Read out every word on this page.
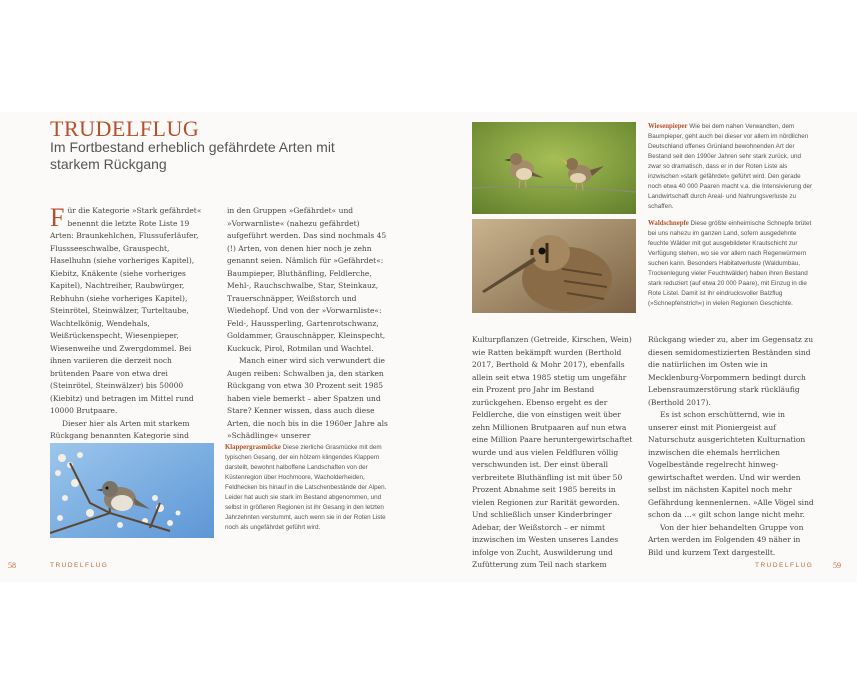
TRUDELFLUG
Im Fortbestand erheblich gefährdete Arten mit starkem Rückgang

Für die Kategorie »Stark gefährdet« benennt die letzte Rote Liste 19 Arten: Braunkehlchen, Flussuferläufer, Flussseeschwalbe, Grauspecht, Haselhuhn (siehe vorheriges Kapitel), Kiebitz, Knäkente (siehe vorheriges Kapitel), Nachtreiher, Raubwürger, Rebhuhn (siehe vorheriges Kapitel), Steinrötel, Steinwälzer, Turteltaube, Wachtelkönig, Wendehals, Weißrückenspecht, Wiesenpieper, Wiesenweihe und Zwergdommel. Bei ihnen variieren die derzeit noch brütenden Paare von etwa drei (Steinrötel, Steinwälzer) bis 50000 (Kiebitz) und betragen im Mittel rund 10000 Brutpaare.

Dieser hier als Arten mit starkem Rückgang benannten Kategorie sind

in den Gruppen »Gefährdet« und »Vorwarnliste« (nahezu gefährdet) aufgeführt werden. Das sind nochmals 45 (!) Arten, von denen hier noch je zehn genannt seien. Nämlich für »Gefährdet«: Baumpieper, Bluthänfling, Feldlerche, Mehl-, Rauchschwalbe, Star, Steinkauz, Trauerschnäpper, Weißstorch und Wiedehopf. Und von der »Vorwarnliste«: Feld-, Haussperling, Gartenrotschwanz, Goldammer, Grauschnäpper, Kleinspecht, Kuckuck, Pirol, Rotmilan und Wachtel.

Manch einer wird sich verwundert die Augen reiben: Schwalben ja, den starken Rückgang von etwa 30 Prozent seit 1985 haben viele bemerkt – aber Spatzen und Stare? Kenner wissen, dass auch diese Arten, die noch bis in die 1960er Jahre als »Schädlinge« unserer

Klappergrasmücke Diese zierliche Grasmücke mit dem typischen Gesang, der ein hölzern klingendes Klappern darstellt, bewohnt halboffene Landschaften von der Küstenregion über Hochmoore, Wacholderheiden, Feldhecken bis hinauf in die Latschenbestände der Alpen. Leider hat auch sie stark im Bestand abgenommen, und selbst in größeren Regionen ist ihr Gesang in den letzten Jahrzehnten verstummt, auch wenn sie in der Roten Liste noch als ungefährdet geführt wird.
58	TRUDELFLUG
Wiesenpieper Wie bei dem nahen Verwandten, dem Baumpieper, geht auch bei dieser vor allem im nördlichen Deutschland offenes Grünland bewohnenden Art der Bestand seit den 1990er Jahren sehr stark zurück, und zwar so dramatisch, dass er in der Roten Liste als inzwischen »stark gefährdet« geführt wird. Den gerade noch etwa 40 000 Paaren macht v.a. die Intensivierung der Landwirtschaft durch Areal- und Nahrungsverluste zu schaffen.
Waldschnepfe Diese größte einheimische Schnepfe brütet bei uns nahezu im ganzen Land, sofern ausgedehnte feuchte Wälder mit gut ausgebildeter Krautschicht zur Verfügung stehen, wo sie vor allem nach Regenwürmern suchen kann. Besonders Habitatverluste (Waldumbau, Trockenlegung vieler Feuchtwälder) haben ihren Bestand stark reduziert (auf etwa 20 000 Paare), mit Einzug in die Rote Listel. Damit ist ihr eindrucksvoller Balzflug (»Schnepfenstrich«) in vielen Regionen Geschichte.

Kulturpflanzen (Getreide, Kirschen, Wein) wie Ratten bekämpft wurden (Berthold 2017, Berthold & Mohr 2017), ebenfalls allein seit etwa 1985 stetig um ungefähr ein Prozent pro Jahr im Bestand zurückgehen. Ebenso ergeht es der Feldlerche, die von einstigen weit über zehn Millionen Brutpaaren auf nun etwa eine Million Paare heruntergewirtschaftet wurde und aus vielen Feldfluren völlig verschwunden ist. Der einst überall verbreitete Bluthänfling ist mit über 50 Prozent Abnahme seit 1985 bereits in vielen Regionen zur Rarität geworden. Und schließlich unser Kinderbringer Adebar, der Weißstorch – er nimmt inzwischen im Westen unseres Landes infolge von Zucht, Auswilderung und Zufütterung zum Teil nach starkem

Rückgang wieder zu, aber im Gegensatz zu diesen semidomestizierten Beständen sind die natürlichen im Osten wie in Mecklenburg-Vorpommern bedingt durch Lebensraumzerstörung stark rückläufig (Berthold 2017).

Es ist schon erschütternd, wie in unserer einst mit Pioniergeist auf Naturschutz ausgerichteten Kulturnation inzwischen die ehemals herrlichen Vogelbestände regelrecht hinweggewirtschaftet werden. Und wir werden selbst im nächsten Kapitel noch mehr Gefährdung kennenlernen. »Alle Vögel sind schon da …« gilt schon lange nicht mehr.

Von der hier behandelten Gruppe von Arten werden im Folgenden 49 näher in Bild und kurzem Text dargestellt.

TRUDELFLUG 59
